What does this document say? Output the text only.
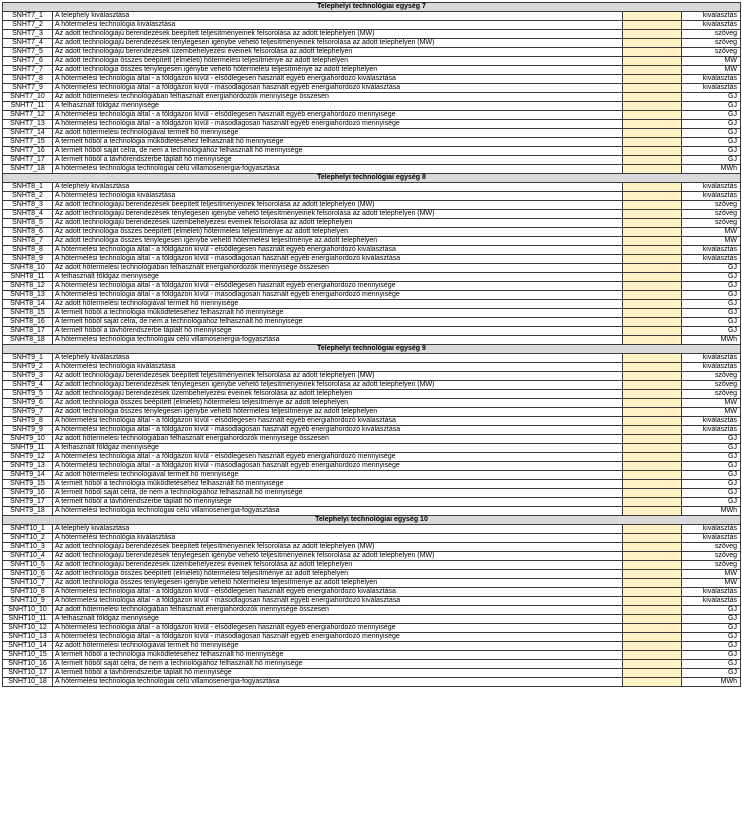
Telephelyi technológiai egység 7			
SNHT7_1	A telephely kiválasztása		kiválasztás
SNHT7_2	A hőtermelési technológia kiválasztása		kiválasztás
SNHT7_3	Az adott technológiájú berendezések beépített teljesítményeinek felsorolása az adott telephelyen (MW)		szöveg
SNHT7_4	Az adott technológiájú berendezések ténylegesen igénybe vehető teljesítményeinek felsorolása az adott telephelyen (MW)		szöveg
SNHT7_5	Az adott technológiájú berendezések üzembehelyezési éveinek felsorolása az adott telephelyen		szöveg
SNHT7_6	Az adott technológia összes beépített (elméleti) hőtermelési teljesítménye az adott telephelyen		MW
SNHT7_7	Az adott technológia összes ténylegesen igénybe vehető hőtermelési teljesítménye az adott telephelyen		MW
SNHT7_8	A hőtermelési technológia által - a földgázon kívül - elsődlegesen használt egyéb energiahordozó kiválasztása		kiválasztás
SNHT7_9	A hőtermelési technológia által - a földgázon kívül - másodlagosan használt egyéb energiahordozó kiválasztása		kiválasztás
SNHT7_10	Az adott hőtermelési technológiában felhasznált energiahordozók mennyisége összesen		GJ
SNHT7_11	A felhasznált földgáz mennyisége		GJ
SNHT7_12	A hőtermelési technológia által - a földgázon kívül - elsődlegesen használt egyéb energiahordozó mennyisége		GJ
SNHT7_13	A hőtermelési technológia által - a földgázon kívül - másodlagosan használt egyéb energiahordozó mennyisége		GJ
SNHT7_14	Az adott hőtermelési technológiával termelt hő mennyisége		GJ
SNHT7_15	A termelt hőből a technológia működtetéséhez felhasznált hő mennyisége		GJ
SNHT7_16	A termelt hőből saját célra, de nem a technológiához felhasznált hő mennyisége		GJ
SNHT7_17	A termelt hőből a távhőrendszerbe táplált hő mennyisége		GJ
SNHT7_18	A hőtermelési technológia technológiai célú villamosenergia-fogyasztása		MWh
Telephelyi technológiai egység 8			
SNHT8_1	A telephely kiválasztása		kiválasztás
SNHT8_2	A hőtermelési technológia kiválasztása		kiválasztás
SNHT8_3	Az adott technológiájú berendezések beépített teljesítményeinek felsorolása az adott telephelyen (MW)		szöveg
SNHT8_4	Az adott technológiájú berendezések ténylegesen igénybe vehető teljesítményeinek felsorolása az adott telephelyen (MW)		szöveg
SNHT8_5	Az adott technológiájú berendezések üzembehelyezési éveinek felsorolása az adott telephelyen		szöveg
SNHT8_6	Az adott technológia összes beépített (elméleti) hőtermelési teljesítménye az adott telephelyen		MW
SNHT8_7	Az adott technológia összes ténylegesen igénybe vehető hőtermelési teljesítménye az adott telephelyen		MW
SNHT8_8	A hőtermelési technológia által - a földgázon kívül - elsődlegesen használt egyéb energiahordozó kiválasztása		kiválasztás
SNHT8_9	A hőtermelési technológia által - a földgázon kívül - másodlagosan használt egyéb energiahordozó kiválasztása		kiválasztás
SNHT8_10	Az adott hőtermelési technológiában felhasznált energiahordozók mennyisége összesen		GJ
SNHT8_11	A felhasznált földgáz mennyisége		GJ
SNHT8_12	A hőtermelési technológia által - a földgázon kívül - elsődlegesen használt egyéb energiahordozó mennyisége		GJ
SNHT8_13	A hőtermelési technológia által - a földgázon kívül - másodlagosan használt egyéb energiahordozó mennyisége		GJ
SNHT8_14	Az adott hőtermelési technológiával termelt hő mennyisége		GJ
SNHT8_15	A termelt hőből a technológia működtetéséhez felhasznált hő mennyisége		GJ
SNHT8_16	A termelt hőből saját célra, de nem a technológiához felhasznált hő mennyisége		GJ
SNHT8_17	A termelt hőből a távhőrendszerbe táplált hő mennyisége		GJ
SNHT8_18	A hőtermelési technológia technológiai célú villamosenergia-fogyasztása		MWh
Telephelyi technológiai egység 9			
SNHT9_1	A telephely kiválasztása		kiválasztás
SNHT9_2	A hőtermelési technológia kiválasztása		kiválasztás
SNHT9_3	Az adott technológiájú berendezések beépített teljesítményeinek felsorolása az adott telephelyen (MW)		szöveg
SNHT9_4	Az adott technológiájú berendezések ténylegesen igénybe vehető teljesítményeinek felsorolása az adott telephelyen (MW)		szöveg
SNHT9_5	Az adott technológiájú berendezések üzembehelyezési éveinek felsorolása az adott telephelyen		szöveg
SNHT9_6	Az adott technológia összes beépített (elméleti) hőtermelési teljesítménye az adott telephelyen		MW
SNHT9_7	Az adott technológia összes ténylegesen igénybe vehető hőtermelési teljesítménye az adott telephelyen		MW
SNHT9_8	A hőtermelési technológia által - a földgázon kívül - elsődlegesen használt egyéb energiahordozó kiválasztása		kiválasztás
SNHT9_9	A hőtermelési technológia által - a földgázon kívül - másodlagosan használt egyéb energiahordozó kiválasztása		kiválasztás
SNHT9_10	Az adott hőtermelési technológiában felhasznált energiahordozók mennyisége összesen		GJ
SNHT9_11	A felhasznált földgáz mennyisége		GJ
SNHT9_12	A hőtermelési technológia által - a földgázon kívül - elsődlegesen használt egyéb energiahordozó mennyisége		GJ
SNHT9_13	A hőtermelési technológia által - a földgázon kívül - másodlagosan használt egyéb energiahordozó mennyisége		GJ
SNHT9_14	Az adott hőtermelési technológiával termelt hő mennyisége		GJ
SNHT9_15	A termelt hőből a technológia működtetéséhez felhasznált hő mennyisége		GJ
SNHT9_16	A termelt hőből saját célra, de nem a technológiához felhasznált hő mennyisége		GJ
SNHT9_17	A termelt hőből a távhőrendszerbe táplált hő mennyisége		GJ
SNHT9_18	A hőtermelési technológia technológiai célú villamosenergia-fogyasztása		MWh
Telephelyi technológiai egység 10			
SNHT10_1	A telephely kiválasztása		kiválasztás
SNHT10_2	A hőtermelési technológia kiválasztása		kiválasztás
SNHT10_3	Az adott technológiájú berendezések beépített teljesítményeinek felsorolása az adott telephelyen (MW)		szöveg
SNHT10_4	Az adott technológiájú berendezések ténylegesen igénybe vehető teljesítményeinek felsorolása az adott telephelyen (MW)		szöveg
SNHT10_5	Az adott technológiájú berendezések üzembehelyezési éveinek felsorolása az adott telephelyen		szöveg
SNHT10_6	Az adott technológia összes beépített (elméleti) hőtermelési teljesítménye az adott telephelyen		MW
SNHT10_7	Az adott technológia összes ténylegesen igénybe vehető hőtermelési teljesítménye az adott telephelyen		MW
SNHT10_8	A hőtermelési technológia által - a földgázon kívül - elsődlegesen használt egyéb energiahordozó kiválasztása		kiválasztás
SNHT10_9	A hőtermelési technológia által - a földgázon kívül - másodlagosan használt egyéb energiahordozó kiválasztása		kiválasztás
SNHT10_10	Az adott hőtermelési technológiában felhasznált energiahordozók mennyisége összesen		GJ
SNHT10_11	A felhasznált földgáz mennyisége		GJ
SNHT10_12	A hőtermelési technológia által - a földgázon kívül - elsődlegesen használt egyéb energiahordozó mennyisége		GJ
SNHT10_13	A hőtermelési technológia által - a földgázon kívül - másodlagosan használt egyéb energiahordozó mennyisége		GJ
SNHT10_14	Az adott hőtermelési technológiával termelt hő mennyisége		GJ
SNHT10_15	A termelt hőből a technológia működtetéséhez felhasznált hő mennyisége		GJ
SNHT10_16	A termelt hőből saját célra, de nem a technológiához felhasznált hő mennyisége		GJ
SNHT10_17	A termelt hőből a távhőrendszerbe táplált hő mennyisége		GJ
SNHT10_18	A hőtermelési technológia technológiai célú villamosenergia-fogyasztása		MWh
